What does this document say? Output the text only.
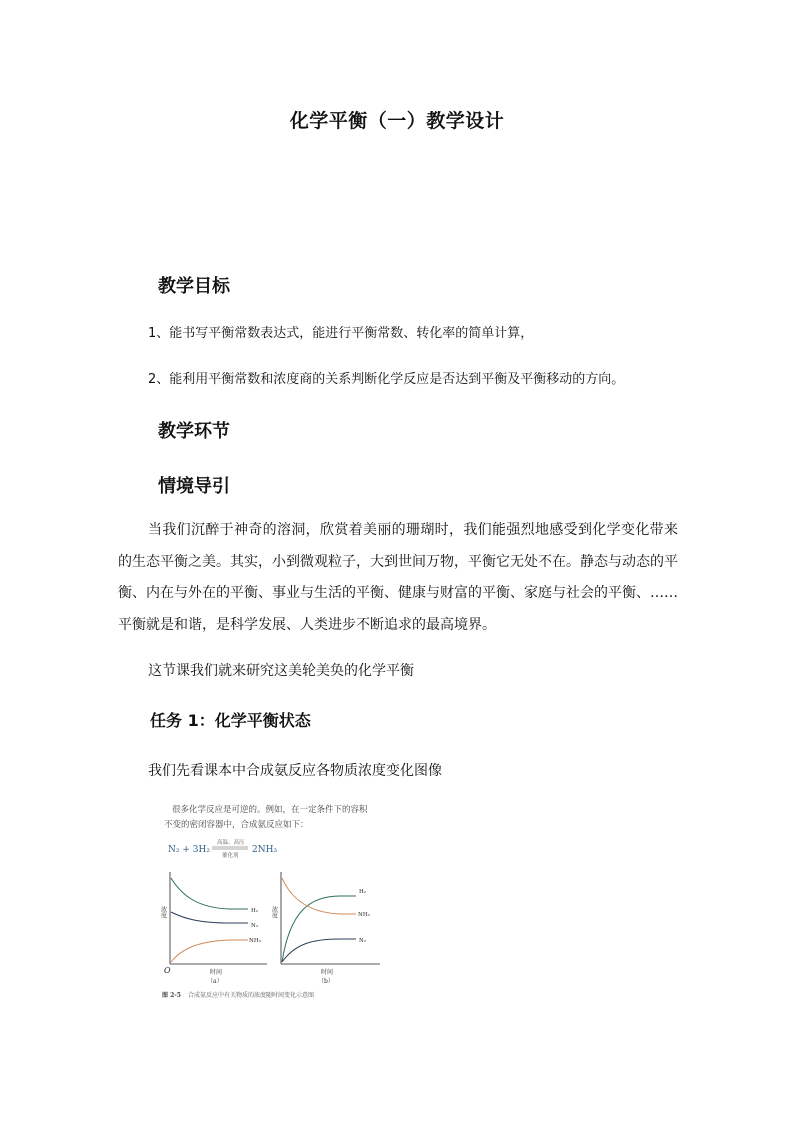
化学平衡（一）教学设计
教学目标
1、能书写平衡常数表达式，能进行平衡常数、转化率的简单计算，
2、能利用平衡常数和浓度商的关系判断化学反应是否达到平衡及平衡移动的方向。
教学环节
情境导引
当我们沉醉于神奇的溶洞，欣赏着美丽的珊瑚时，我们能强烈地感受到化学变化带来的生态平衡之美。其实，小到微观粒子，大到世间万物，平衡它无处不在。静态与动态的平衡、内在与外在的平衡、事业与生活的平衡、健康与财富的平衡、家庭与社会的平衡、……平衡就是和谐，是科学发展、人类进步不断追求的最高境界。
这节课我们就来研究这美轮美奂的化学平衡
任务 1：化学平衡状态
我们先看课本中合成氨反应各物质浓度变化图像
很多化学反应是可逆的。例如，在一定条件下的容积
不变的密闭容器中，合成氨反应如下：
N₂ + 3H₂
高温、高压
催化剂
2NH₃
O
浓度
时间
（a）
H₂
N₂
NH₃
浓度
时间
（b）
H₂
NH₃
N₂
图 2-5 合成氨反应中有关物质的浓度随时间变化示意图
